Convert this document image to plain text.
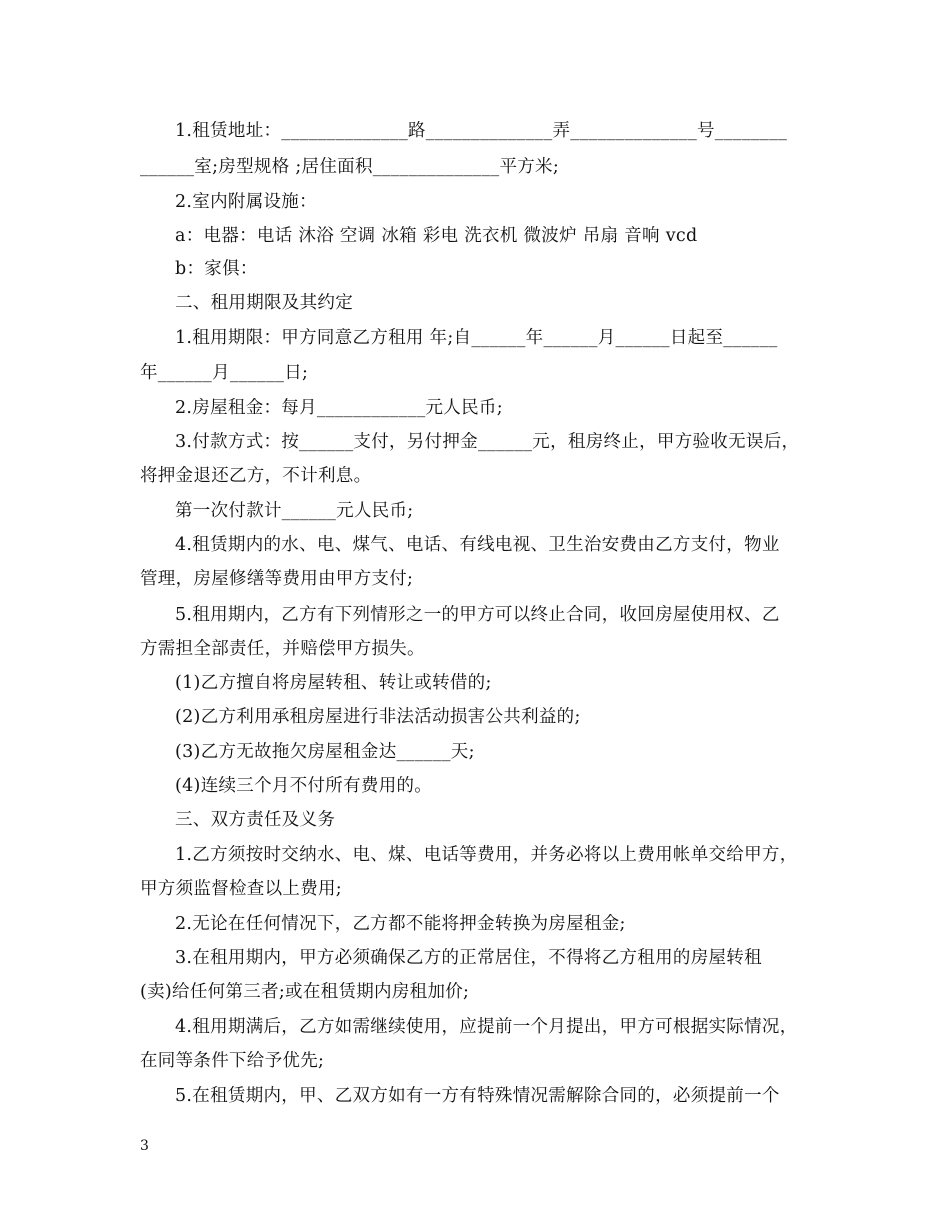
1.租赁地址：______________路______________弄______________号________
______室;房型规格 ;居住面积______________平方米;
2.室内附属设施：
a：电器：电话 沐浴 空调 冰箱 彩电 洗衣机 微波炉 吊扇 音响 vcd
b：家俱：
二、租用期限及其约定
1.租用期限：甲方同意乙方租用 年;自______年______月______日起至______
年______月______日;
2.房屋租金：每月____________元人民币;
3.付款方式：按______支付，另付押金______元，租房终止，甲方验收无误后，
将押金退还乙方，不计利息。
第一次付款计______元人民币;
4.租赁期内的水、电、煤气、电话、有线电视、卫生治安费由乙方支付，物业
管理，房屋修缮等费用由甲方支付;
5.租用期内，乙方有下列情形之一的甲方可以终止合同，收回房屋使用权、乙
方需担全部责任，并赔偿甲方损失。
(1)乙方擅自将房屋转租、转让或转借的;
(2)乙方利用承租房屋进行非法活动损害公共利益的;
(3)乙方无故拖欠房屋租金达______天;
(4)连续三个月不付所有费用的。
三、双方责任及义务
1.乙方须按时交纳水、电、煤、电话等费用，并务必将以上费用帐单交给甲方，
甲方须监督检查以上费用;
2.无论在任何情况下，乙方都不能将押金转换为房屋租金;
3.在租用期内，甲方必须确保乙方的正常居住，不得将乙方租用的房屋转租
(卖)给任何第三者;或在租赁期内房租加价;
4.租用期满后，乙方如需继续使用，应提前一个月提出，甲方可根据实际情况，
在同等条件下给予优先;
5.在租赁期内，甲、乙双方如有一方有特殊情况需解除合同的，必须提前一个
3
